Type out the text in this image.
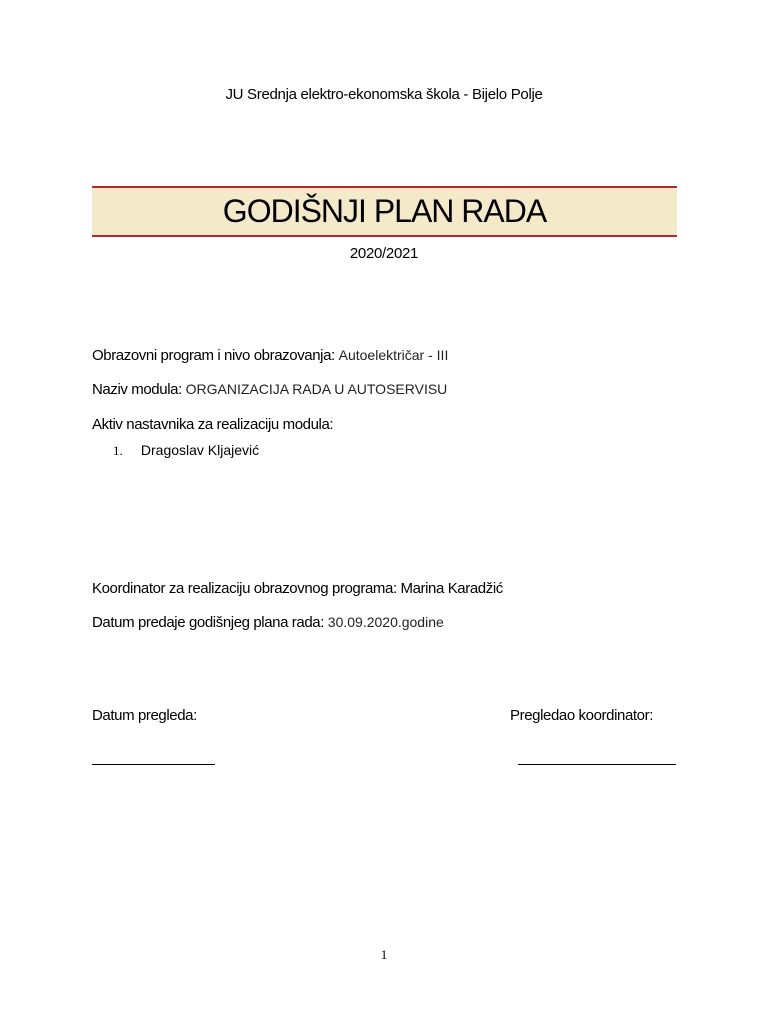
JU Srednja elektro-ekonomska škola - Bijelo Polje
GODIŠNJI PLAN RADA
2020/2021
Obrazovni program i nivo obrazovanja: Autoelektričar - III
Naziv modula: ORGANIZACIJA RADA U AUTOSERVISU
Aktiv nastavnika za realizaciju modula:
1. Dragoslav Kljajević
Koordinator za realizaciju obrazovnog programa: Marina Karadžić
Datum predaje godišnjeg plana rada: 30.09.2020.godine
Datum pregleda:	Pregledao koordinator:
1
